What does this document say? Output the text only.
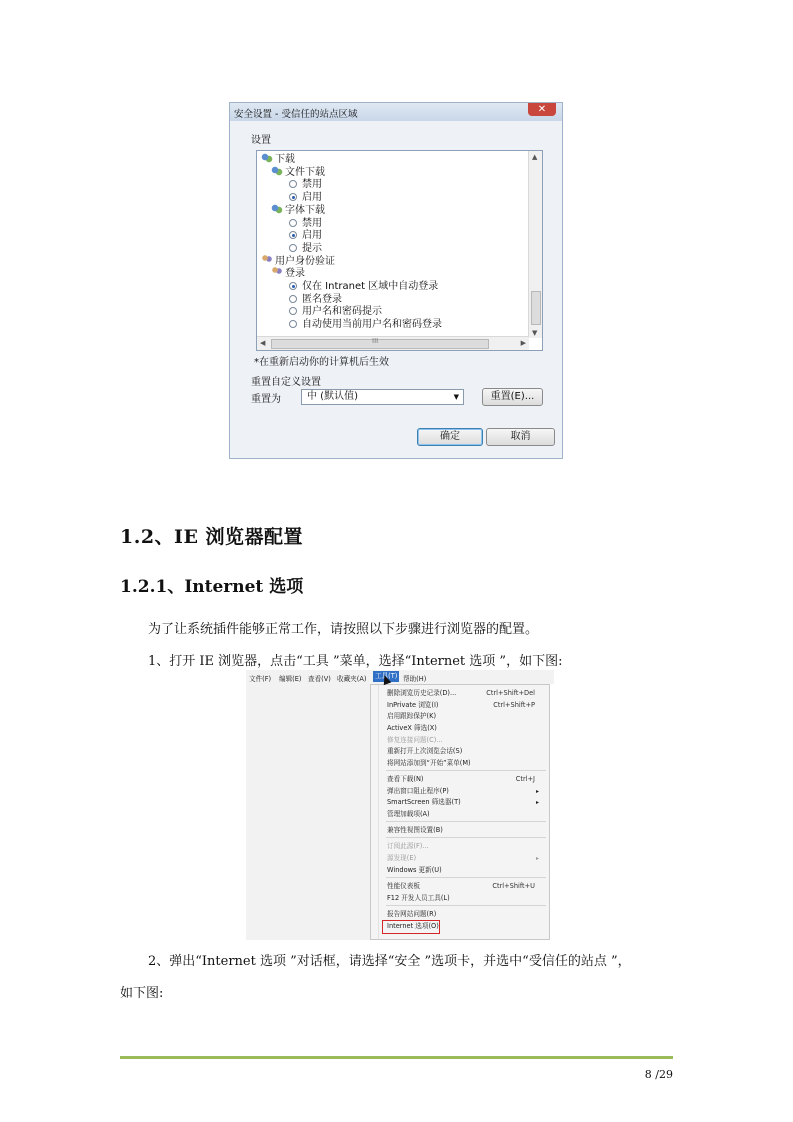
安全设置 - 受信任的站点区域	✕
设置
下载
文件下载
禁用
启用
字体下载
禁用
启用
提示
用户身份验证
登录
仅在 Intranet 区域中自动登录
匿名登录
用户名和密码提示
自动使用当前用户名和密码登录
▲
▼
◀	III	▶
*在重新启动你的计算机后生效
重置自定义设置
重置为	中 (默认值)	▼	重置(E)...
确定	取消
1.2、IE 浏览器配置
1.2.1、Internet 选项
为了让系统插件能够正常工作，请按照以下步骤进行浏览器的配置。
1、打开 IE 浏览器，点击“工具 ”菜单，选择“Internet 选项 ”，如下图:
文件(F) 编辑(E) 查看(V) 收藏夹(A)	工具(T) 帮助(H)
删除浏览历史记录(D)...	Ctrl+Shift+Del
InPrivate 浏览(I)	Ctrl+Shift+P
启用跟踪保护(K)
ActiveX 筛选(X)
修复连接问题(C)...
重新打开上次浏览会话(S)
将网站添加到“开始”菜单(M)
查看下载(N)	Ctrl+J
弹出窗口阻止程序(P)	▸
SmartScreen 筛选器(T)	▸
管理加载项(A)
兼容性视图设置(B)
订阅此源(F)...
源发现(E)	▸
Windows 更新(U)
性能仪表板	Ctrl+Shift+U
F12 开发人员工具(L)
报告网站问题(R)
Internet 选项(O)
2、弹出“Internet 选项 ”对话框，请选择“安全 ”选项卡，并选中“受信任的站点 ”，
如下图:
8 /29
